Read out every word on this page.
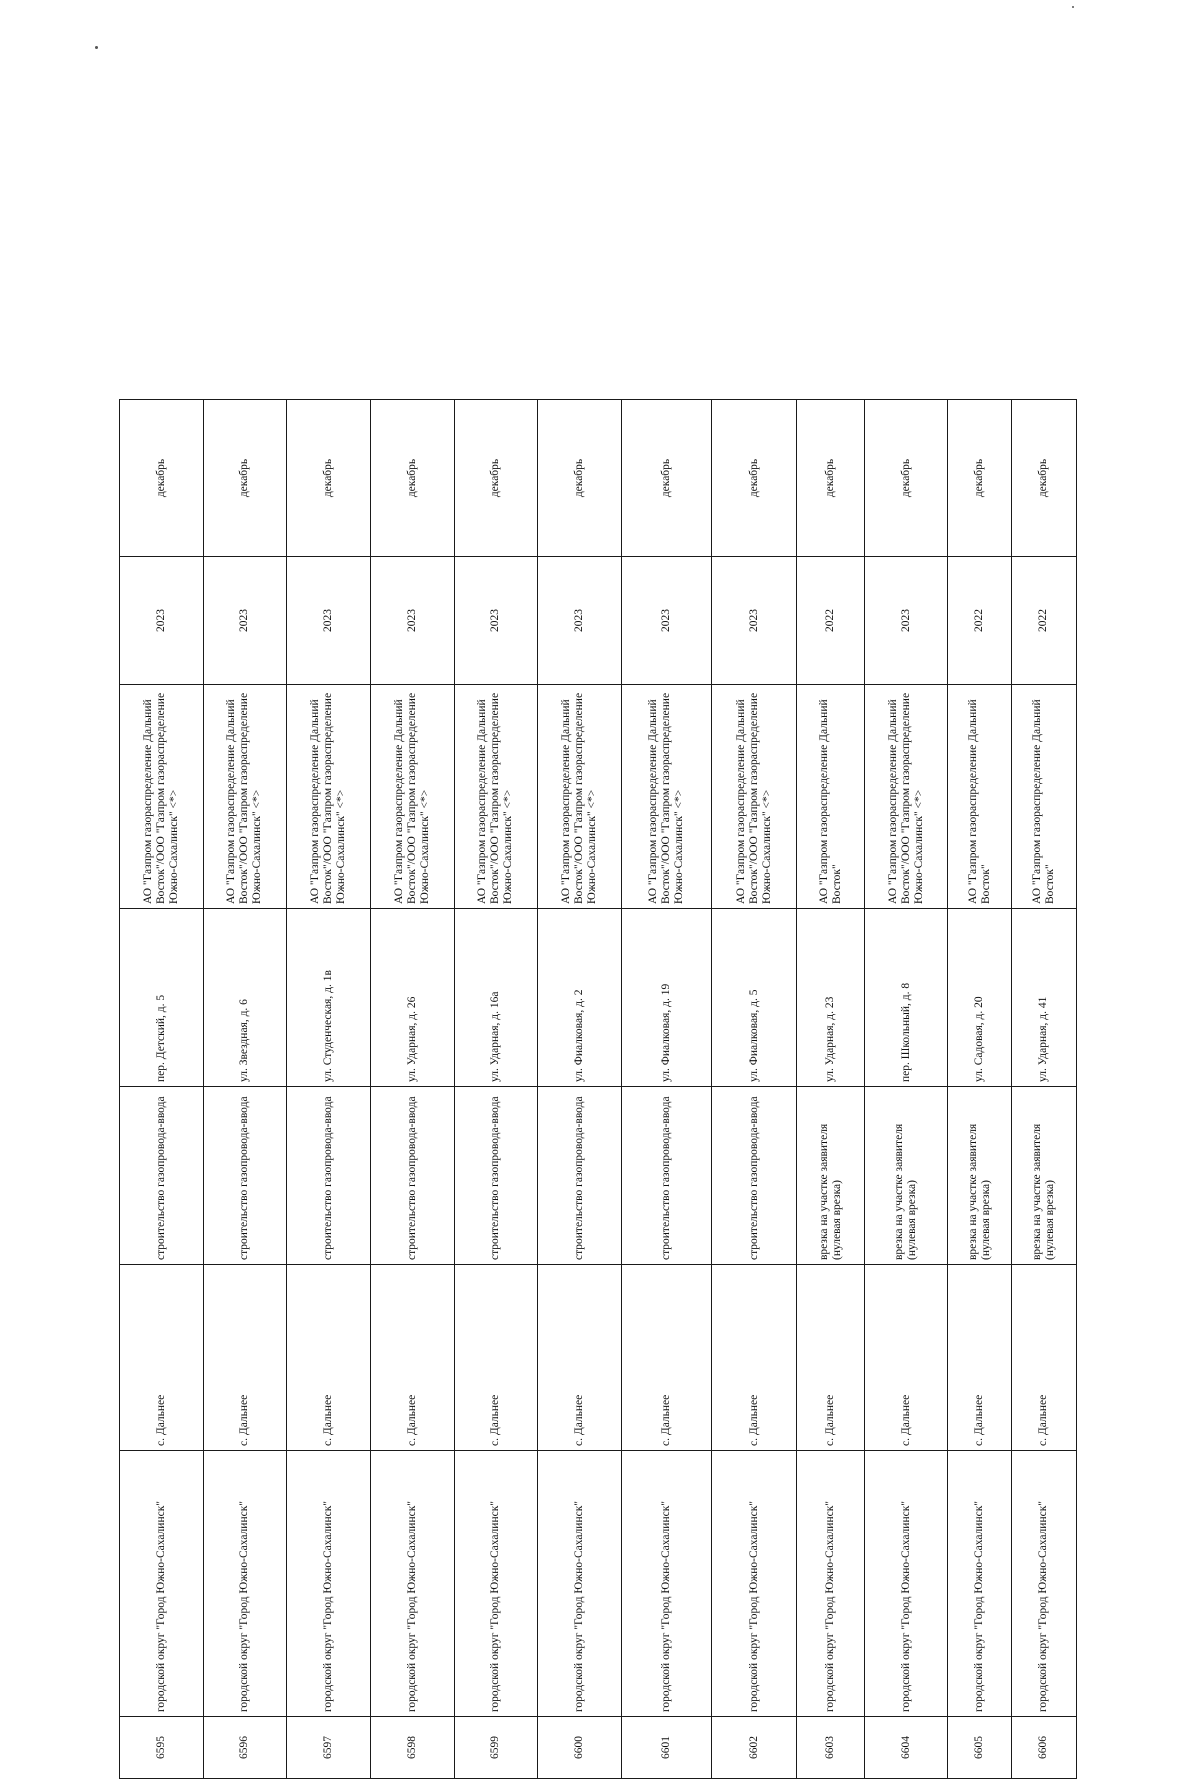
6595	городской округ "Город Южно-Сахалинск"	с. Дальнее	строительство газопровода-ввода	пер. Детский, д. 5	АО "Газпром газораспределение Дальний Восток"/ООО "Газпром газораспределение Южно-Сахалинск" <*>	2023	декабрь
6596	городской округ "Город Южно-Сахалинск"	с. Дальнее	строительство газопровода-ввода	ул. Звездная, д. 6	АО "Газпром газораспределение Дальний Восток"/ООО "Газпром газораспределение Южно-Сахалинск" <*>	2023	декабрь
6597	городской округ "Город Южно-Сахалинск"	с. Дальнее	строительство газопровода-ввода	ул. Студенческая, д. 1в	АО "Газпром газораспределение Дальний Восток"/ООО "Газпром газораспределение Южно-Сахалинск" <*>	2023	декабрь
6598	городской округ "Город Южно-Сахалинск"	с. Дальнее	строительство газопровода-ввода	ул. Ударная, д. 26	АО "Газпром газораспределение Дальний Восток"/ООО "Газпром газораспределение Южно-Сахалинск" <*>	2023	декабрь
6599	городской округ "Город Южно-Сахалинск"	с. Дальнее	строительство газопровода-ввода	ул. Ударная, д. 16а	АО "Газпром газораспределение Дальний Восток"/ООО "Газпром газораспределение Южно-Сахалинск" <*>	2023	декабрь
6600	городской округ "Город Южно-Сахалинск"	с. Дальнее	строительство газопровода-ввода	ул. Фиалковая, д. 2	АО "Газпром газораспределение Дальний Восток"/ООО "Газпром газораспределение Южно-Сахалинск" <*>	2023	декабрь
6601	городской округ "Город Южно-Сахалинск"	с. Дальнее	строительство газопровода-ввода	ул. Фиалковая, д. 19	АО "Газпром газораспределение Дальний Восток"/ООО "Газпром газораспределение Южно-Сахалинск" <*>	2023	декабрь
6602	городской округ "Город Южно-Сахалинск"	с. Дальнее	строительство газопровода-ввода	ул. Фиалковая, д. 5	АО "Газпром газораспределение Дальний Восток"/ООО "Газпром газораспределение Южно-Сахалинск" <*>	2023	декабрь
6603	городской округ "Город Южно-Сахалинск"	с. Дальнее	врезка на участке заявителя (нулевая врезка)	ул. Ударная, д. 23	АО "Газпром газораспределение Дальний Восток"	2022	декабрь
6604	городской округ "Город Южно-Сахалинск"	с. Дальнее	врезка на участке заявителя (нулевая врезка)	пер. Школьный, д. 8	АО "Газпром газораспределение Дальний Восток"/ООО "Газпром газораспределение Южно-Сахалинск" <*>	2023	декабрь
6605	городской округ "Город Южно-Сахалинск"	с. Дальнее	врезка на участке заявителя (нулевая врезка)	ул. Садовая, д. 20	АО "Газпром газораспределение Дальний Восток"	2022	декабрь
6606	городской округ "Город Южно-Сахалинск"	с. Дальнее	врезка на участке заявителя (нулевая врезка)	ул. Ударная, д. 41	АО "Газпром газораспределение Дальний Восток"	2022	декабрь
